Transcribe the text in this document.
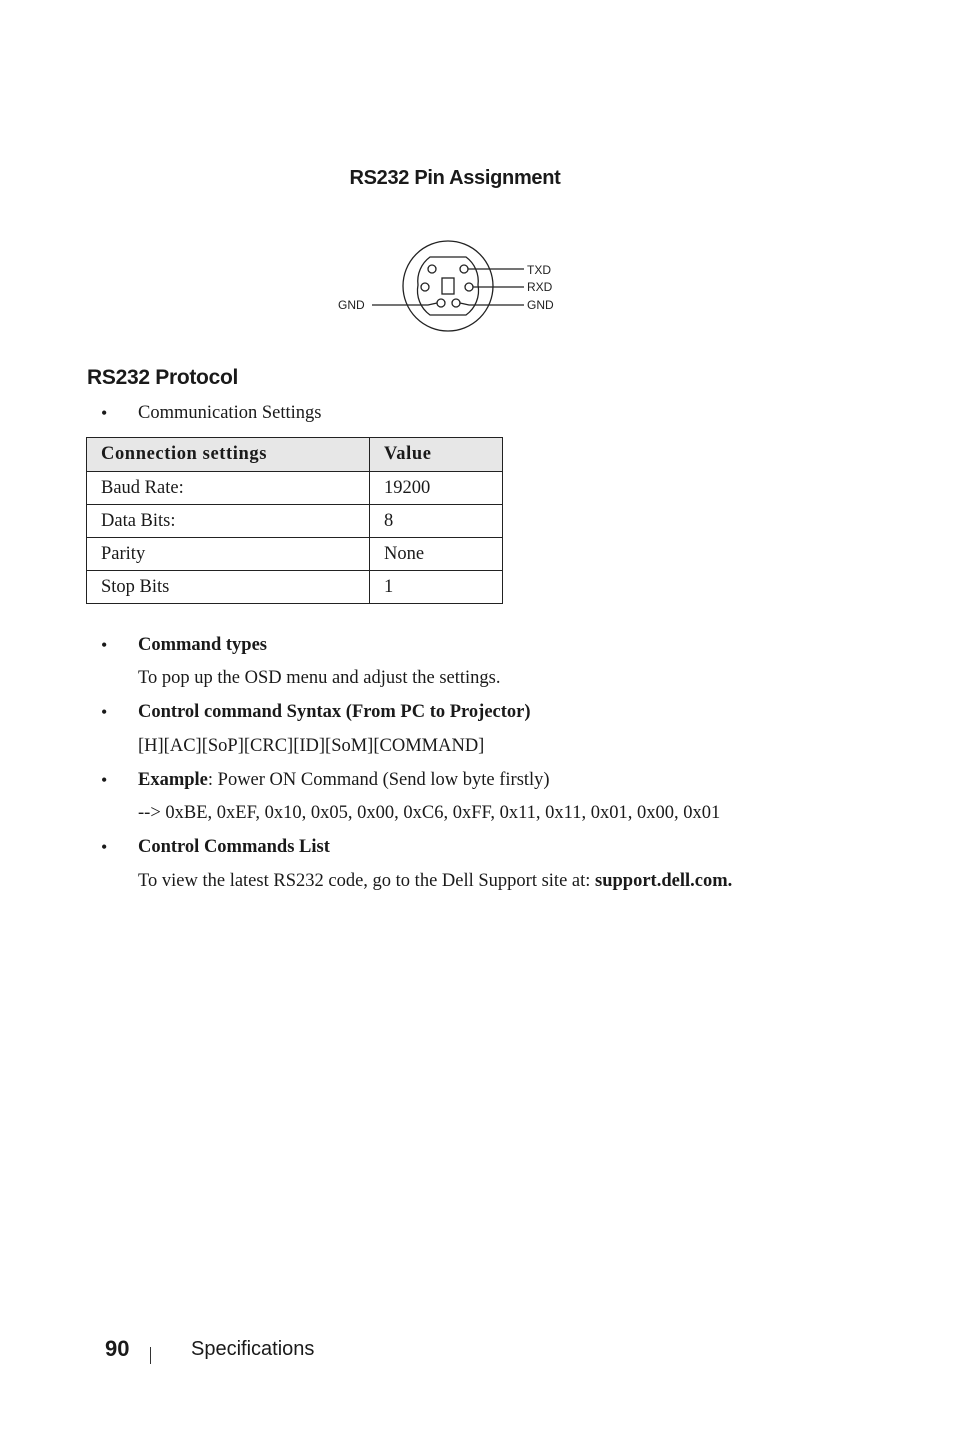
RS232 Pin Assignment
TXD
RXD
GND
GND
RS232 Protocol
• Communication Settings
Connection settings	Value
Baud Rate:	19200
Data Bits:	8
Parity	None
Stop Bits	1
• Command types
To pop up the OSD menu and adjust the settings.
• Control command Syntax (From PC to Projector)
[H][AC][SoP][CRC][ID][SoM][COMMAND]
• Example: Power ON Command (Send low byte firstly)
--> 0xBE, 0xEF, 0x10, 0x05, 0x00, 0xC6, 0xFF, 0x11, 0x11, 0x01, 0x00, 0x01
• Control Commands List
To view the latest RS232 code, go to the Dell Support site at: support.dell.com.
90	Specifications
